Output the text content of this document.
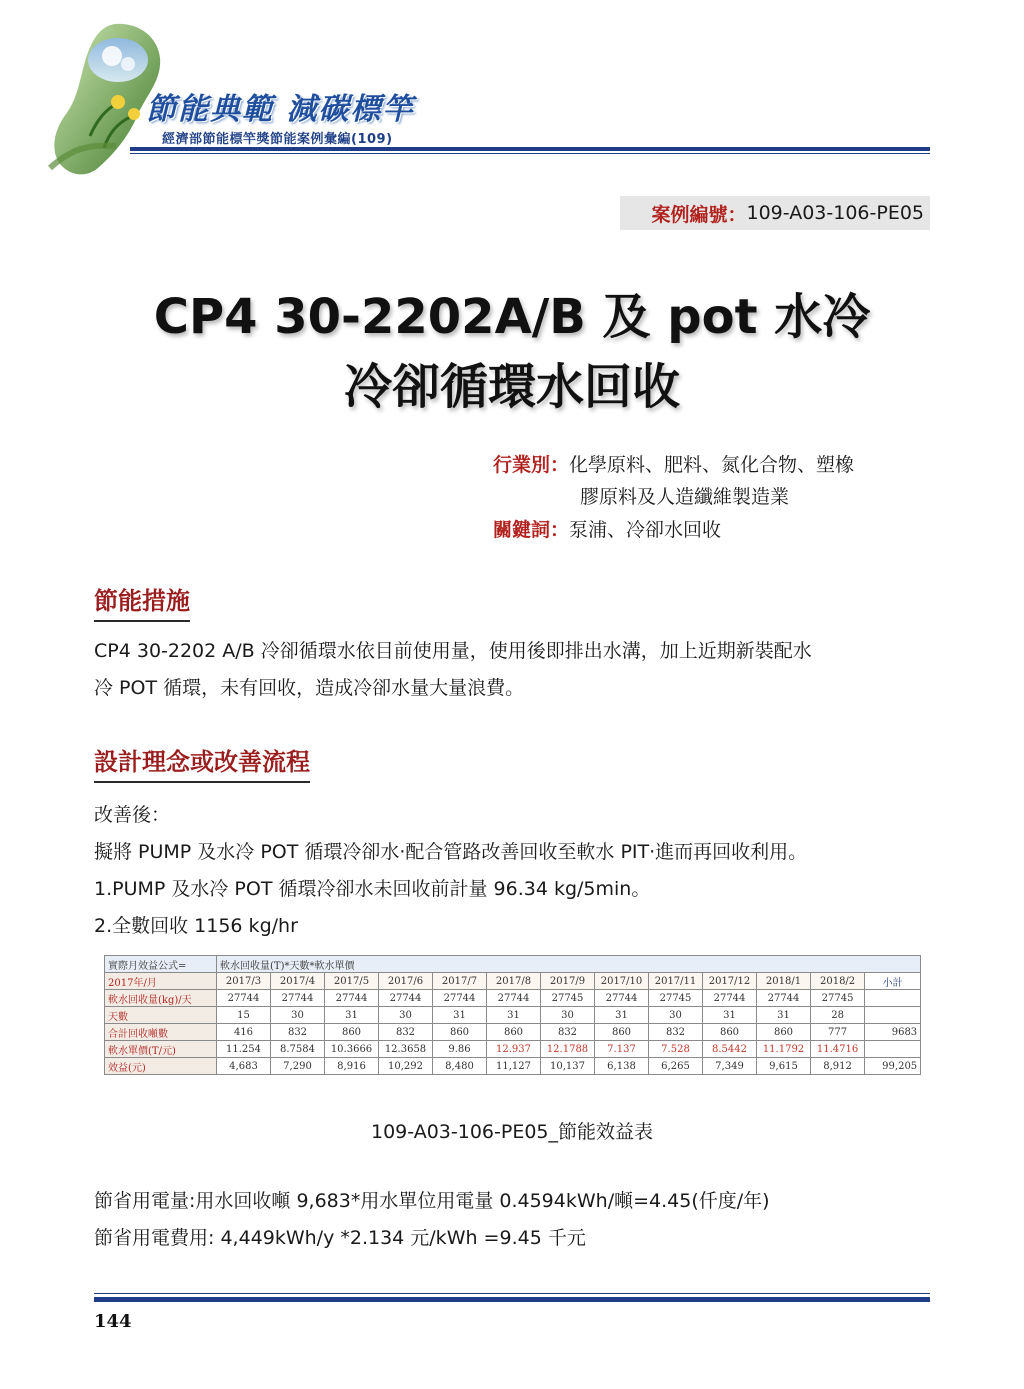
節能典範 減碳標竿
經濟部節能標竿獎節能案例彙編(109)
案例編號： 109-A03-106-PE05
CP4 30-2202A/B 及 pot 水冷
冷卻循環水回收
行業別：化學原料、肥料、氮化合物、塑橡
膠原料及人造纖維製造業
關鍵詞：泵浦、冷卻水回收
節能措施
CP4 30-2202 A/B 冷卻循環水依目前使用量，使用後即排出水溝，加上近期新裝配水
冷 POT 循環，未有回收，造成冷卻水量大量浪費。
設計理念或改善流程
改善後：
擬將 PUMP 及水冷 POT 循環冷卻水‧配合管路改善回收至軟水 PIT‧進而再回收利用。
1.PUMP 及水冷 POT 循環冷卻水未回收前計量 96.34 kg/5min。
2.全數回收 1156 kg/hr
實際月效益公式=	軟水回收量(T)*天數*軟水單價												
2017年/月	2017/3	2017/4	2017/5	2017/6	2017/7	2017/8	2017/9	2017/10	2017/11	2017/12	2018/1	2018/2	小計
軟水回收量(kg)/天	27744	27744	27744	27744	27744	27744	27745	27744	27745	27744	27744	27745	
天數	15	30	31	30	31	31	30	31	30	31	31	28	
合計回收噸數	416	832	860	832	860	860	832	860	832	860	860	777	9683
軟水單價(T/元)	11.254	8.7584	10.3666	12.3658	9.86	12.937	12.1788	7.137	7.528	8.5442	11.1792	11.4716	
效益(元)	4,683	7,290	8,916	10,292	8,480	11,127	10,137	6,138	6,265	7,349	9,615	8,912	99,205
109-A03-106-PE05_節能效益表
節省用電量:用水回收噸 9,683*用水單位用電量 0.4594kWh/噸=4.45(仟度/年)
節省用電費用: 4,449kWh/y *2.134 元/kWh =9.45 千元
144
